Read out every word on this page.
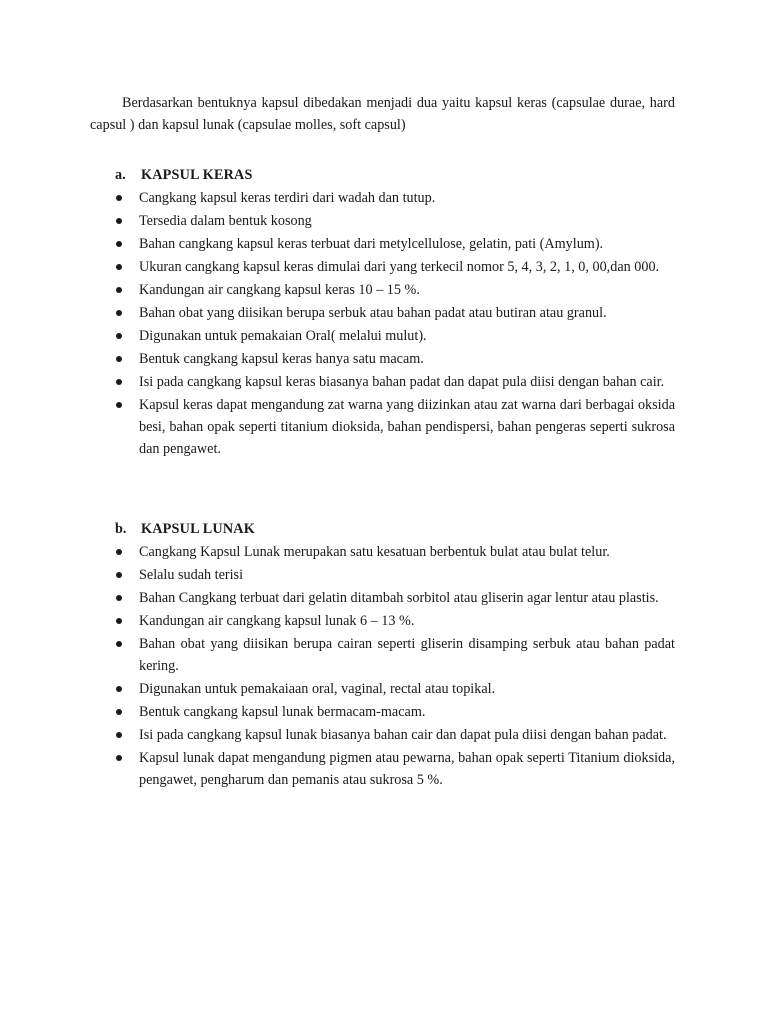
Berdasarkan bentuknya kapsul dibedakan menjadi dua yaitu kapsul keras (capsulae durae, hard capsul ) dan kapsul lunak (capsulae molles, soft capsul)

a.	KAPSUL KERAS
Cangkang kapsul keras terdiri dari wadah dan tutup.
Tersedia dalam bentuk kosong
Bahan cangkang kapsul keras terbuat dari metylcellulose, gelatin, pati (Amylum).
Ukuran cangkang kapsul keras dimulai dari yang terkecil nomor 5, 4, 3, 2, 1, 0, 00,dan 000.
Kandungan air cangkang kapsul keras 10 – 15 %.
Bahan obat yang diisikan berupa serbuk atau bahan padat atau butiran atau granul.
Digunakan untuk pemakaian Oral( melalui mulut).
Bentuk cangkang kapsul keras hanya satu macam.
Isi pada cangkang kapsul keras biasanya bahan padat dan dapat pula diisi dengan bahan cair.
Kapsul keras dapat mengandung zat warna yang diizinkan atau zat warna dari berbagai oksida besi, bahan opak seperti titanium dioksida, bahan pendispersi, bahan pengeras seperti sukrosa dan pengawet.
b.	KAPSUL LUNAK
Cangkang Kapsul Lunak merupakan satu kesatuan berbentuk bulat atau bulat telur.
Selalu sudah terisi
Bahan Cangkang terbuat dari gelatin ditambah sorbitol atau gliserin agar lentur atau plastis.
Kandungan air cangkang kapsul lunak 6 – 13 %.
Bahan obat yang diisikan berupa cairan seperti gliserin disamping serbuk atau bahan padat kering.
Digunakan untuk pemakaiaan oral, vaginal, rectal atau topikal.
Bentuk cangkang kapsul lunak bermacam-macam.
Isi pada cangkang kapsul lunak biasanya bahan cair dan dapat pula diisi dengan bahan padat.
Kapsul lunak dapat mengandung pigmen atau pewarna, bahan opak seperti Titanium dioksida, pengawet, pengharum dan pemanis atau sukrosa 5 %.
